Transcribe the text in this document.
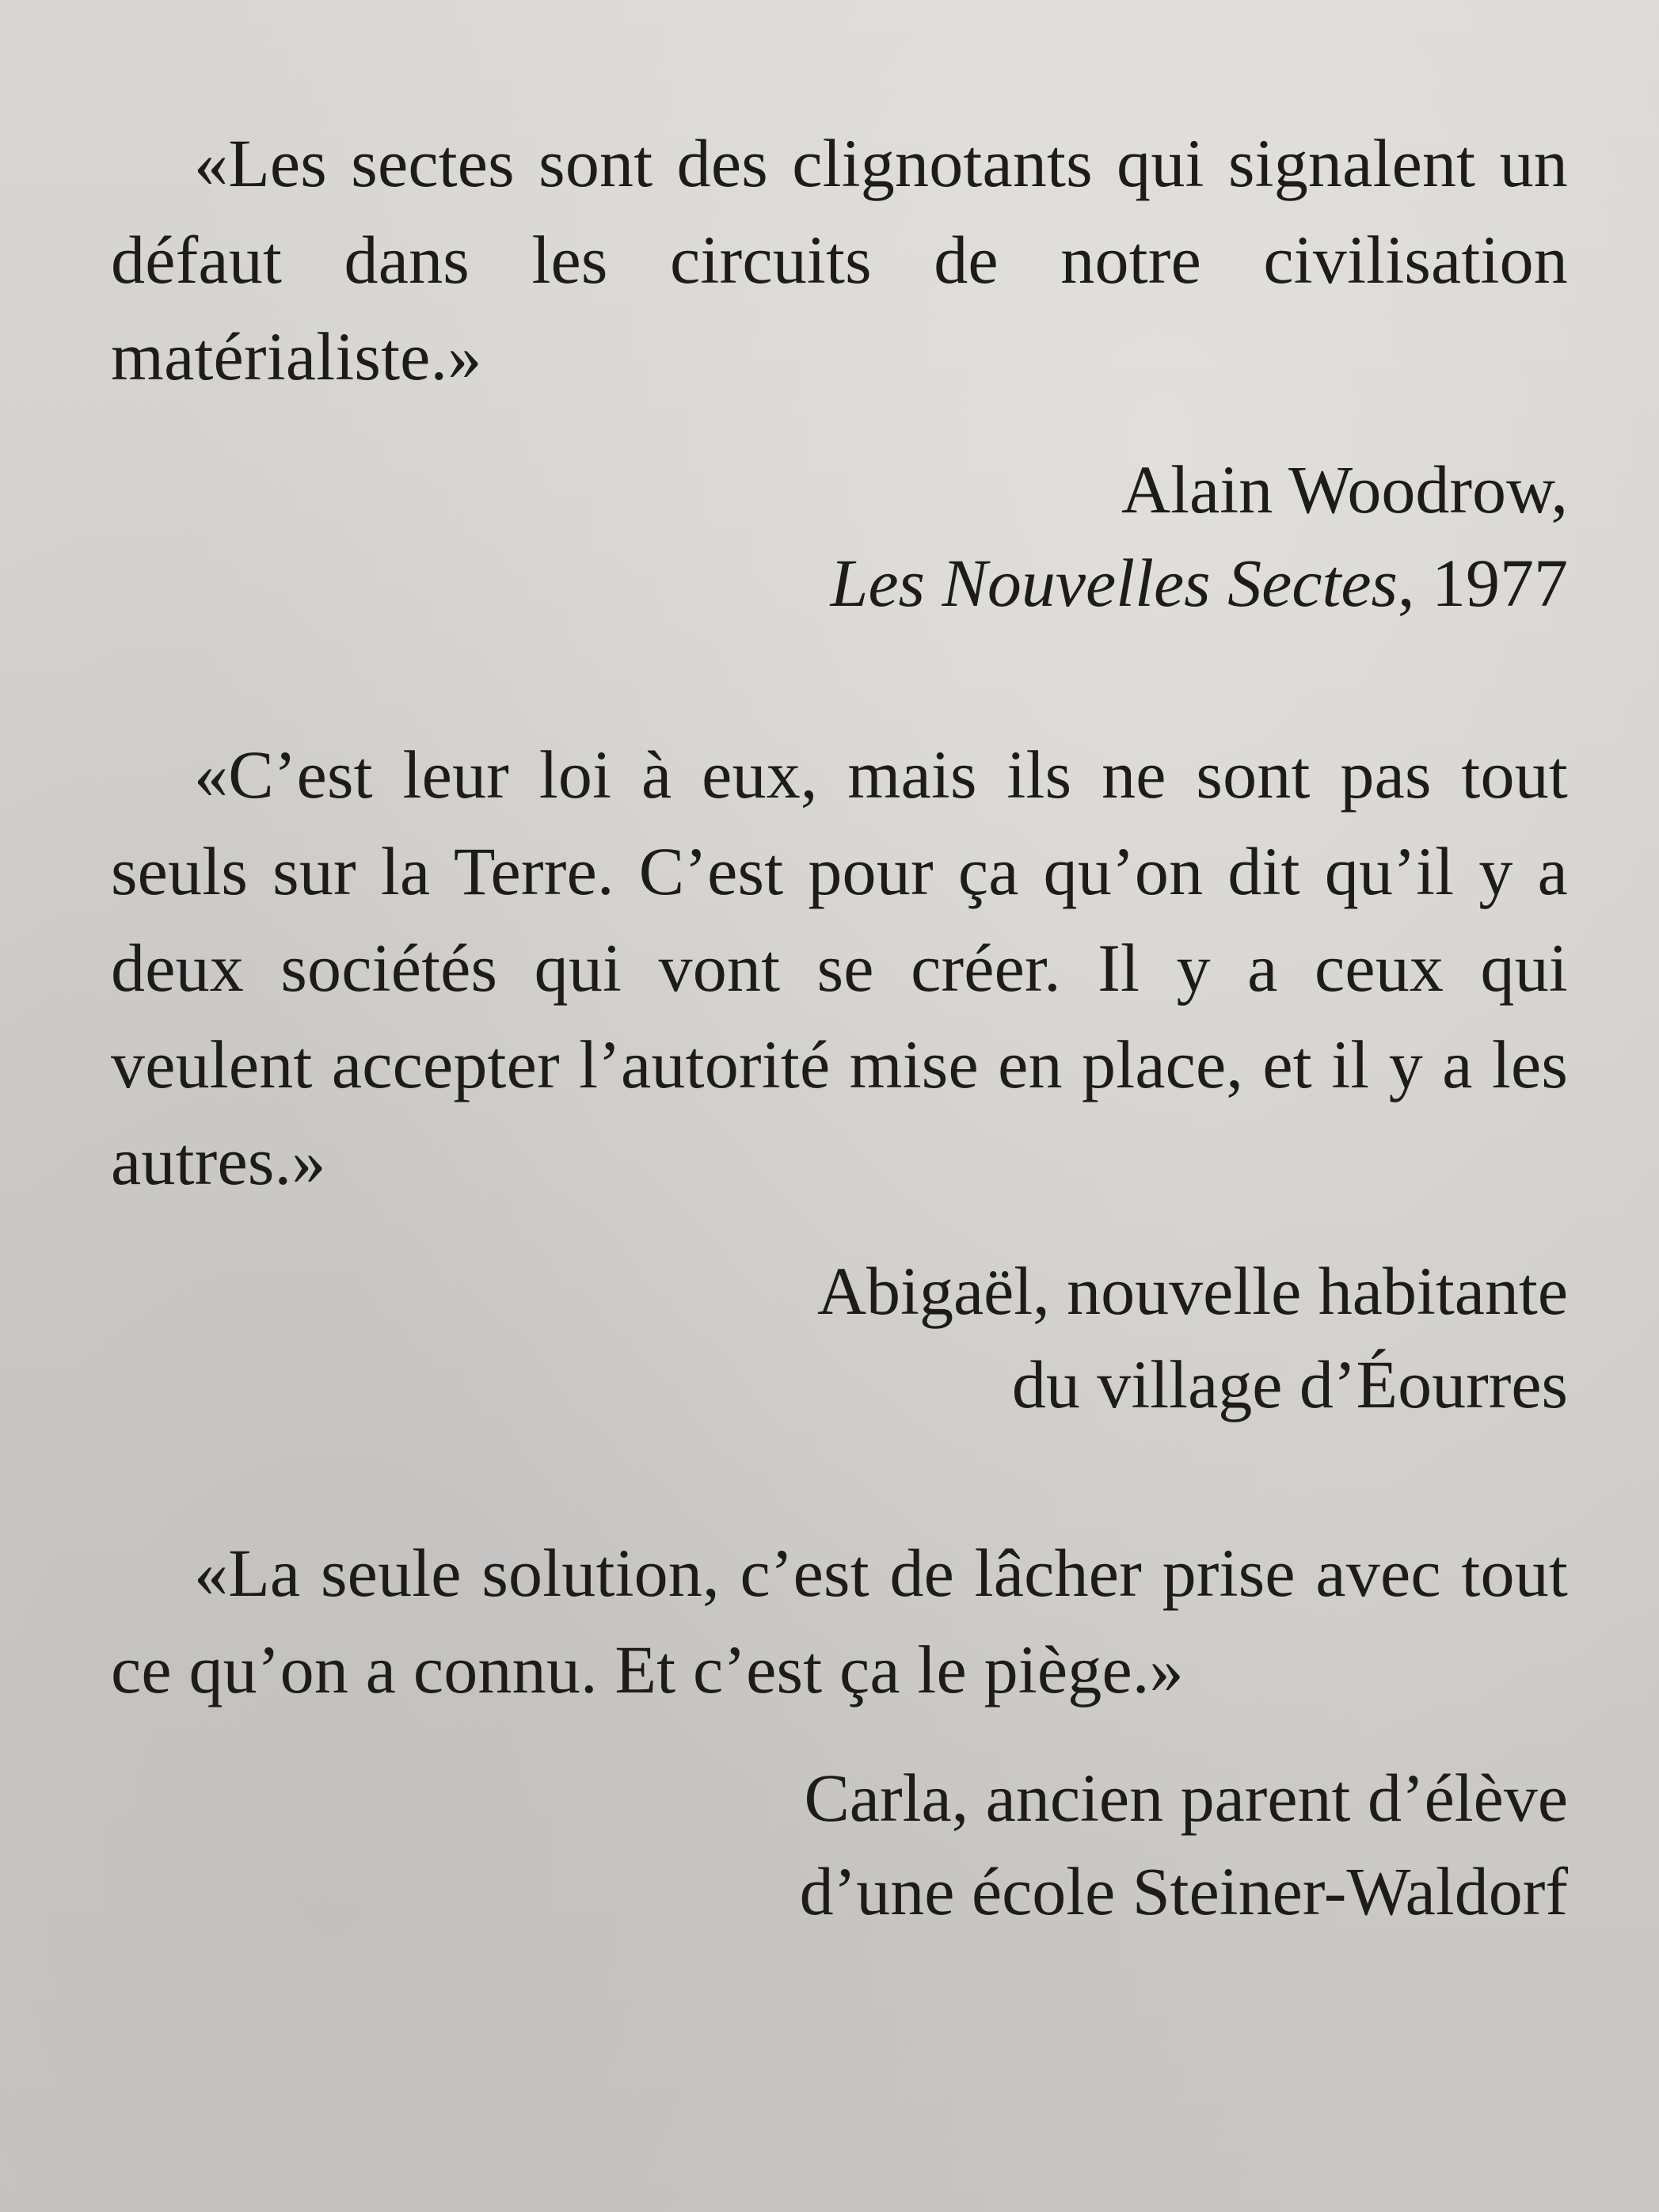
«Les sectes sont des clignotants qui signalent un défaut dans les circuits de notre civilisation matérialiste.»

Alain Woodrow,
Les Nouvelles Sectes, 1977

«C’est leur loi à eux, mais ils ne sont pas tout seuls sur la Terre. C’est pour ça qu’on dit qu’il y a deux sociétés qui vont se créer. Il y a ceux qui veulent accepter l’autorité mise en place, et il y a les autres.»

Abigaël, nouvelle habitante
du village d’Éourres

«La seule solution, c’est de lâcher prise avec tout ce qu’on a connu. Et c’est ça le piège.»

Carla, ancien parent d’élève
d’une école Steiner-Waldorf
